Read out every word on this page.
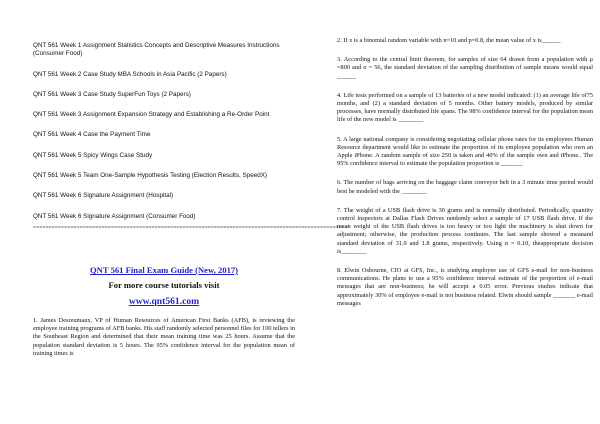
QNT 561 Week 1 Assignment Statistics Concepts and Descriptive Measures Instructions (Consumer Food)

QNT 561 Week 2 Case Study MBA Schools in Asia Pacific (2 Papers)

QNT 561 Week 3 Case Study SuperFun Toys (2 Papers)

QNT 561 Week 3 Assignment Expansion Strategy and Establishing a Re-Order Point

QNT 561 Week 4 Case the Payment Time

QNT 561 Week 5 Spicy Wings Case Study

QNT 561 Week 5 Team One-Sample Hypothesis Testing (Election Results, SpeedX)

QNT 561 Week 6 Signature Assignment (Hospital)

QNT 561 Week 6 Signature Assignment (Consumer Food)

=====================================================================================================
QNT 561 Final Exam Guide (New, 2017)
For more course tutorials visit
www.qnt561.com

1. James Desreumaux, VP of Human Resources of American First Banks (AFB), is reviewing the employee training programs of AFB banks. His staff randomly selected personnel files for 100 tellers in the Southeast Region and determined that their mean training time was 25 hours. Assume that the population standard deviation is 5 hours. The 95% confidence interval for the population mean of training times is

2. If x is a binomial random variable with n=10 and p=0.8, the mean value of x is______

3. According to the central limit theorem, for samples of size 64 drawn from a population with μ =800 and σ = 56, the standard deviation of the sampling distribution of sample means would equal ______

4. Life tests performed on a sample of 13 batteries of a new model indicated: (1) an average life of75 months, and (2) a standard deviation of 5 months. Other battery models, produced by similar processes, have normally distributed life spans. The 98% confidence interval for the population mean life of the new model is ________

5. A large national company is considering negotiating cellular phone rates for its employees Human Resource department would like to estimate the proportion of its employee population who own an Apple iPhone. A random sample of size 250 is taken and 40% of the sample own and iPhone.. The 95% confidence interval to estimate the population proportion is _______

6. The number of bags arriving on the baggage claim conveyor belt in a 3 minute time period would best be modeled with the ________

7. The weight of a USB flash drive is 30 grams and is normally distributed. Periodically, quantity control inspectors at Dallas Flash Drives randomly select a sample of 17 USB flash drive. If the mean weight of the USB flash drives is too heavy or too light the machinery is shut down for adjustment; otherwise, the production process continues. The last sample showed a meanand standard deviation of 31.9 and 1.8 grams, respectively. Using α = 0.10, theappropriate decision is________

8. Elwin Osbourne, CIO at GFS, Inc., is studying employee use of GFS e-mail for non-business communications. He plans to use a 95% confidence interval estimate of the proportion of e-mail messages that are non-business; he will accept a 0.05 error. Previous studies indicate that approximately 30% of employee e-mail is not business related. Elwin should sample _______ e-mail messages
